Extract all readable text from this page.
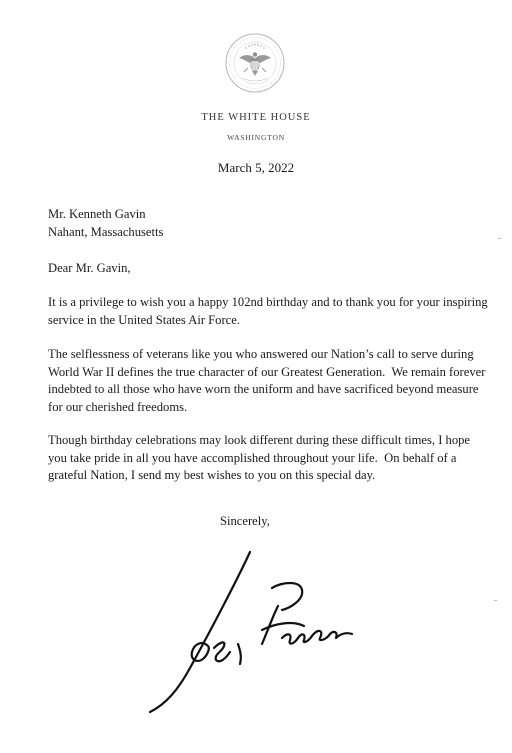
THE WHITE HOUSE
WASHINGTON
March 5, 2022
Mr. Kenneth Gavin
Nahant, Massachusetts
Dear Mr. Gavin,
It is a privilege to wish you a happy 102nd birthday and to thank you for your inspiring service in the United States Air Force.
The selflessness of veterans like you who answered our Nation’s call to serve during World War II defines the true character of our Greatest Generation.  We remain forever indebted to all those who have worn the uniform and have sacrificed beyond measure for our cherished freedoms.
Though birthday celebrations may look different during these difficult times, I hope you take pride in all you have accomplished throughout your life.  On behalf of a grateful Nation, I send my best wishes to you on this special day.
Sincerely,
